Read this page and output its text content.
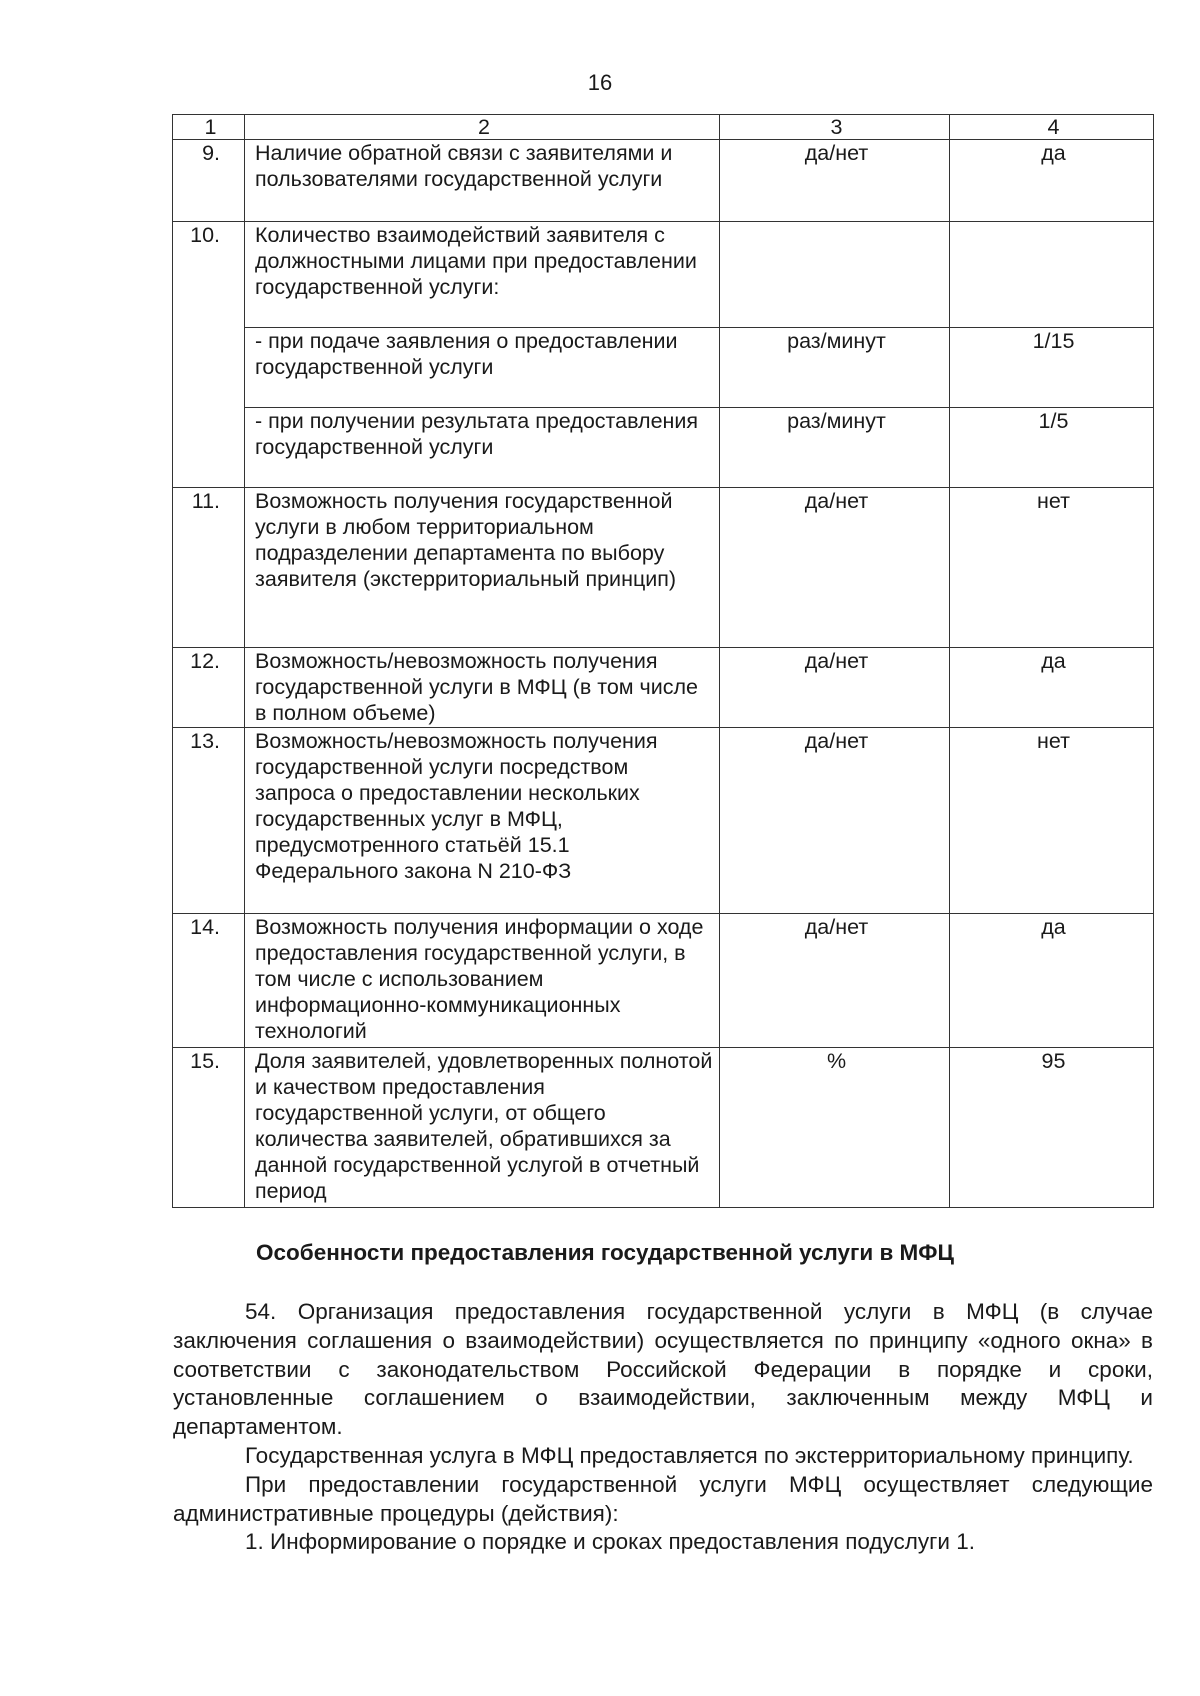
16
1	2	3	4
9.	Наличие обратной связи с заявителями и пользователями государственной услуги	да/нет	да
10.	Количество взаимодействий заявителя с должностными лицами при предоставлении государственной услуги:		
	- при подаче заявления о предоставлении государственной услуги	раз/минут	1/15
	- при получении результата предоставления государственной услуги	раз/минут	1/5
11.	Возможность получения государственной услуги в любом территориальном подразделении департамента по выбору заявителя (экстерриториальный принцип)	да/нет	нет
12.	Возможность/невозможность получения государственной услуги в МФЦ (в том числе в полном объеме)	да/нет	да
13.	Возможность/невозможность получения государственной услуги посредством запроса о предоставлении нескольких государственных услуг в МФЦ, предусмотренного статьёй 15.1 Федерального закона N 210-ФЗ	да/нет	нет
14.	Возможность получения информации о ходе предоставления государственной услуги, в том числе с использованием информационно-коммуникационных технологий	да/нет	да
15.	Доля заявителей, удовлетворенных полнотой и качеством предоставления государственной услуги, от общего количества заявителей, обратившихся за данной государственной услугой в отчетный период	%	95
Особенности предоставления государственной услуги в МФЦ

54. Организация предоставления государственной услуги в МФЦ (в случае заключения соглашения о взаимодействии) осуществляется по принципу «одного окна» в соответствии с законодательством Российской Федерации в порядке и сроки, установленные соглашением о взаимодействии, заключенным между МФЦ и департаментом.

Государственная услуга в МФЦ предоставляется по экстерриториальному принципу.

При предоставлении государственной услуги МФЦ осуществляет следующие административные процедуры (действия):

1. Информирование о порядке и сроках предоставления подуслуги 1.
